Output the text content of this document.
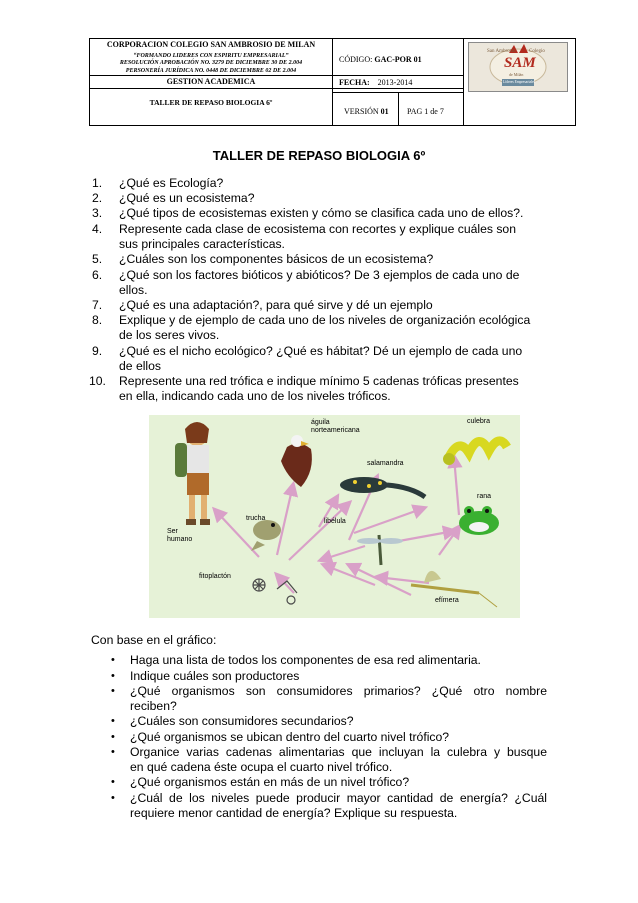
CORPORACION COLEGIO SAN AMBROSIO DE MILAN
“FORMANDO LIDERES CON ESPIRITU EMPRESARIAL”
RESOLUCIÓN APROBACIÓN NO. 3279 DE DICIEMBRE 30 DE 2.004
PERSONERÍA JURÍDICA NO. 0448 DE DICIEMBRE 02 DE 2.004
GESTION ACADEMICA
TALLER DE REPASO BIOLOGIA 6º
CÓDIGO: GAC-POR 01
FECHA: 2013-2014
VERSIÓN 01 PAG 1 de 7
San Ambrosio	Colegio
SAM
de Milán
Líderes Empresariales
TALLER DE REPASO BIOLOGIA 6º
1.	¿Qué es Ecología?
2.	¿Qué es un ecosistema?
3.	¿Qué tipos de ecosistemas existen y cómo se clasifica cada uno de ellos?.
4.	Represente cada clase de ecosistema con recortes y explique cuáles son
sus principales características.
5.	¿Cuáles son los componentes básicos de un ecosistema?
6.	¿Qué son los factores bióticos y abióticos? De 3 ejemplos de cada uno de
ellos.
7.	¿Qué es una adaptación?, para qué sirve y dé un ejemplo
8.	Explique y de ejemplo de cada uno de los niveles de organización ecológica
de los seres vivos.
9.	¿Qué es el nicho ecológico? ¿Qué es hábitat? Dé un ejemplo de cada uno
de ellos
10.	Represente una red trófica e indique mínimo 5 cadenas tróficas presentes
en ella, indicando cada uno de los niveles tróficos.
águila
norteamericana
culebra
salamandra
Ser
humano
trucha	libélula
rana
fitoplactón
efímera
Con base en el gráfico:
• Haga una lista de todos los componentes de esa red alimentaria.
• Indique cuáles son productores
• ¿Qué organismos son consumidores primarios? ¿Qué otro nombre
reciben?
• ¿Cuáles son consumidores secundarios?
• ¿Qué organismos se ubican dentro del cuarto nivel trófico?
• Organice varias cadenas alimentarias que incluyan la culebra y busque
en qué cadena éste ocupa el cuarto nivel trófico.
• ¿Qué organismos están en más de un nivel trófico?
• ¿Cuál de los niveles puede producir mayor cantidad de energía? ¿Cuál
requiere menor cantidad de energía? Explique su respuesta.
